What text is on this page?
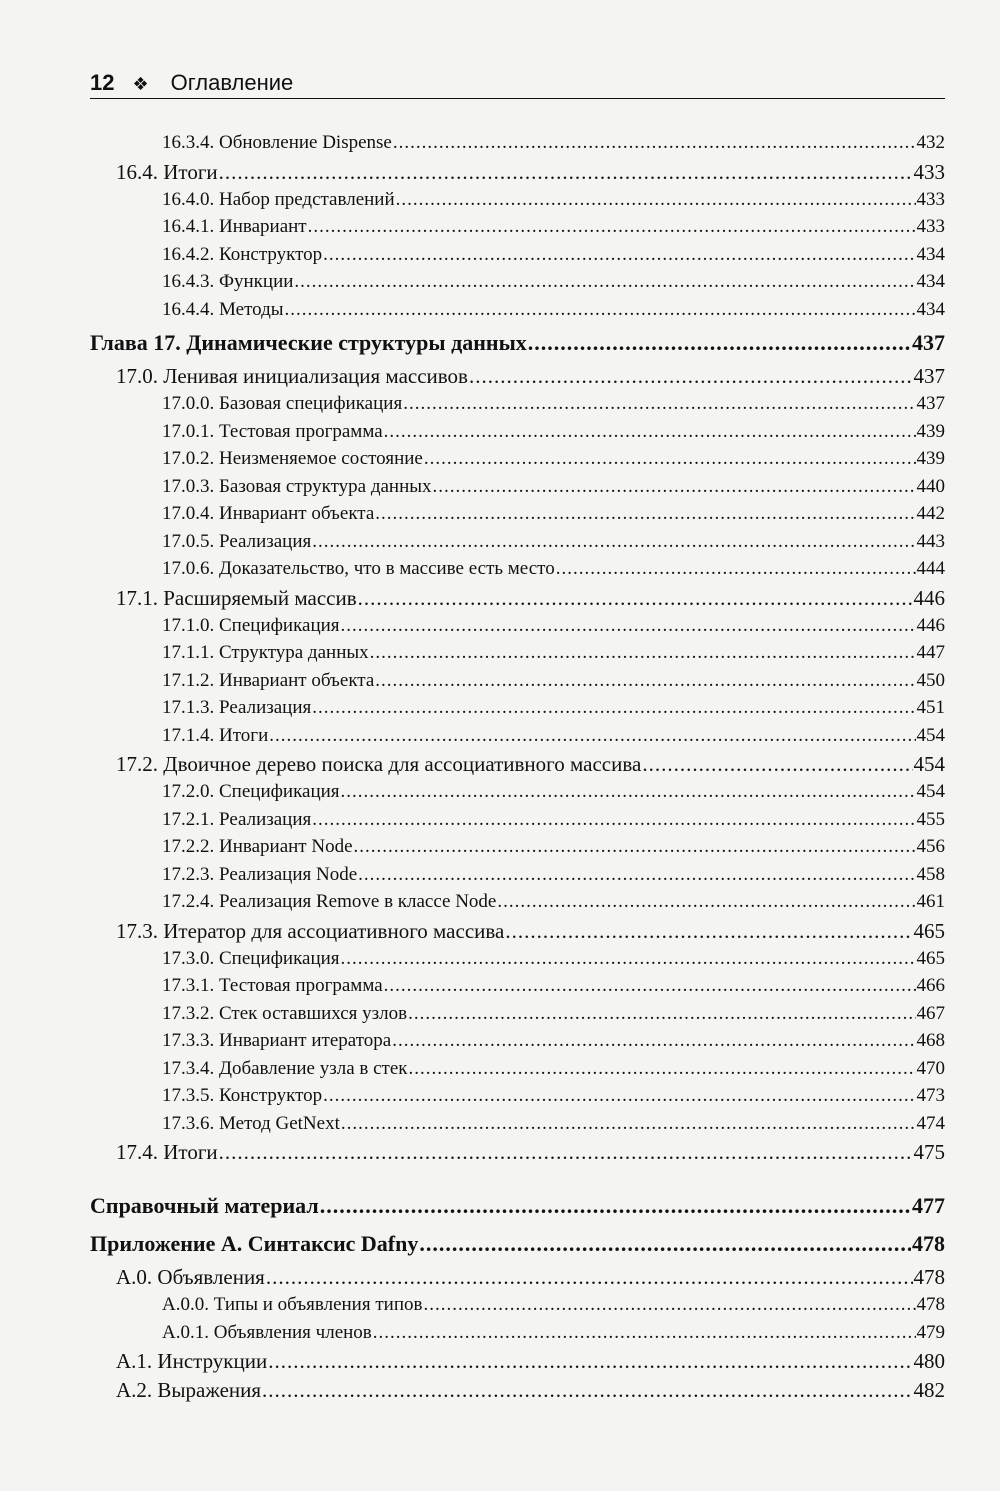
12 ❖ Оглавление
16.3.4. Обновление Dispense .....	432
16.4. Итоги .....	433
16.4.0. Набор представлений .....	433
16.4.1. Инвариант .....	433
16.4.2. Конструктор .....	434
16.4.3. Функции .....	434
16.4.4. Методы .....	434
Глава 17. Динамические структуры данных .....	437
17.0. Ленивая инициализация массивов .....	437
17.0.0. Базовая спецификация .....	437
17.0.1. Тестовая программа .....	439
17.0.2. Неизменяемое состояние .....	439
17.0.3. Базовая структура данных .....	440
17.0.4. Инвариант объекта .....	442
17.0.5. Реализация .....	443
17.0.6. Доказательство, что в массиве есть место .....	444
17.1. Расширяемый массив .....	446
17.1.0. Спецификация .....	446
17.1.1. Структура данных .....	447
17.1.2. Инвариант объекта .....	450
17.1.3. Реализация .....	451
17.1.4. Итоги .....	454
17.2. Двоичное дерево поиска для ассоциативного массива .....	454
17.2.0. Спецификация .....	454
17.2.1. Реализация .....	455
17.2.2. Инвариант Node .....	456
17.2.3. Реализация Node .....	458
17.2.4. Реализация Remove в классе Node .....	461
17.3. Итератор для ассоциативного массива .....	465
17.3.0. Спецификация .....	465
17.3.1. Тестовая программа .....	466
17.3.2. Стек оставшихся узлов .....	467
17.3.3. Инвариант итератора .....	468
17.3.4. Добавление узла в стек .....	470
17.3.5. Конструктор .....	473
17.3.6. Метод GetNext .....	474
17.4. Итоги .....	475
Справочный материал .....	477
Приложение А. Синтаксис Dafny .....	478
А.0. Объявления .....	478
А.0.0. Типы и объявления типов .....	478
А.0.1. Объявления членов .....	479
А.1. Инструкции .....	480
А.2. Выражения .....	482
